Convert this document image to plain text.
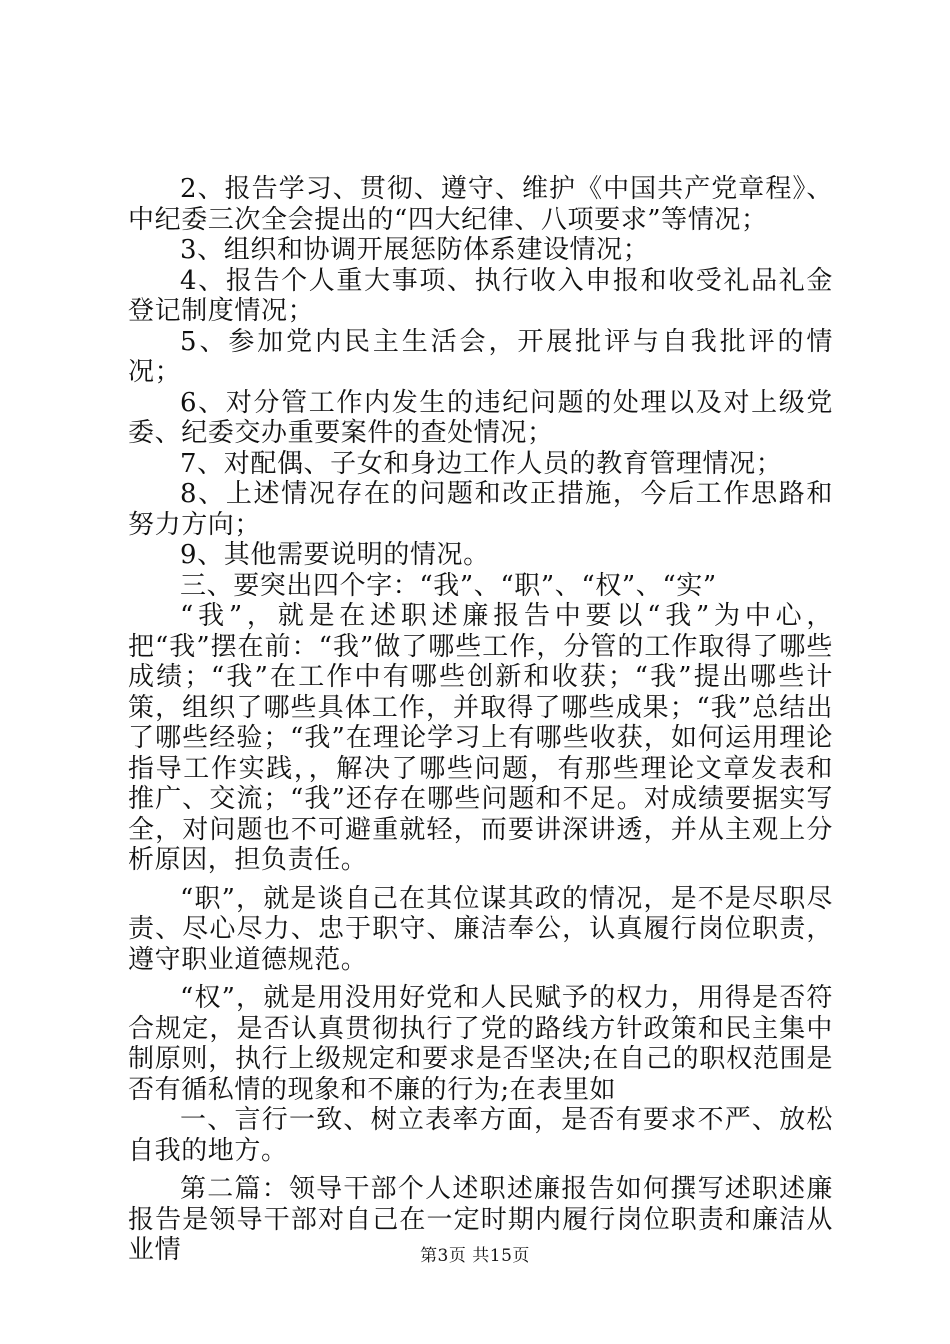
2、报告学习、贯彻、遵守、维护《中国共产党章程》、中纪委三次全会提出的“四大纪律、八项要求”等情况；

3、组织和协调开展惩防体系建设情况；

4、报告个人重大事项、执行收入申报和收受礼品礼金登记制度情况；

5、参加党内民主生活会，开展批评与自我批评的情况；

6、对分管工作内发生的违纪问题的处理以及对上级党委、纪委交办重要案件的查处情况；

7、对配偶、子女和身边工作人员的教育管理情况；

8、上述情况存在的问题和改正措施，今后工作思路和努力方向；

9、其他需要说明的情况。

三、要突出四个字：“我”、“职”、“权”、“实”

“我”，就是在述职述廉报告中要以“我”为中心，把“我”摆在前：“我”做了哪些工作，分管的工作取得了哪些成绩；“我”在工作中有哪些创新和收获；“我”提出哪些计策，组织了哪些具体工作，并取得了哪些成果；“我”总结出了哪些经验；“我”在理论学习上有哪些收获，如何运用理论指导工作实践，，解决了哪些问题，有那些理论文章发表和推广、交流；“我”还存在哪些问题和不足。对成绩要据实写全，对问题也不可避重就轻，而要讲深讲透，并从主观上分析原因，担负责任。

“职”，就是谈自己在其位谋其政的情况，是不是尽职尽责、尽心尽力、忠于职守、廉洁奉公，认真履行岗位职责，遵守职业道德规范。

“权”，就是用没用好党和人民赋予的权力，用得是否符合规定，是否认真贯彻执行了党的路线方针政策和民主集中制原则，执行上级规定和要求是否坚决;在自己的职权范围是否有循私情的现象和不廉的行为;在表里如

一、言行一致、树立表率方面，是否有要求不严、放松自我的地方。

第二篇：领导干部个人述职述廉报告如何撰写述职述廉报告是领导干部对自己在一定时期内履行岗位职责和廉洁从业情	第3页 共15页
